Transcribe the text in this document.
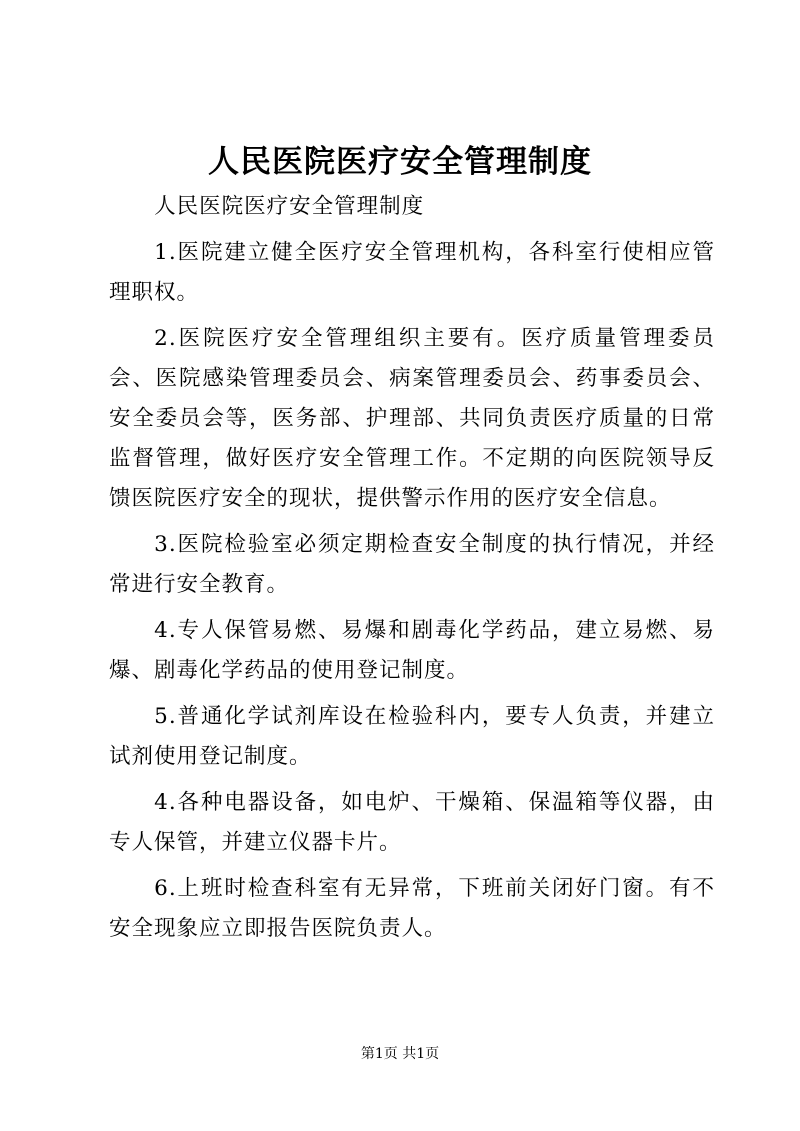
人民医院医疗安全管理制度

人民医院医疗安全管理制度

1.医院建立健全医疗安全管理机构，各科室行使相应管理职权。

2.医院医疗安全管理组织主要有。医疗质量管理委员会、医院感染管理委员会、病案管理委员会、药事委员会、安全委员会等，医务部、护理部、共同负责医疗质量的日常监督管理，做好医疗安全管理工作。不定期的向医院领导反馈医院医疗安全的现状，提供警示作用的医疗安全信息。

3.医院检验室必须定期检查安全制度的执行情况，并经常进行安全教育。

4.专人保管易燃、易爆和剧毒化学药品，建立易燃、易爆、剧毒化学药品的使用登记制度。

5.普通化学试剂库设在检验科内，要专人负责，并建立试剂使用登记制度。

4.各种电器设备，如电炉、干燥箱、保温箱等仪器，由专人保管，并建立仪器卡片。

6.上班时检查科室有无异常，下班前关闭好门窗。有不安全现象应立即报告医院负责人。

第1页 共1页
